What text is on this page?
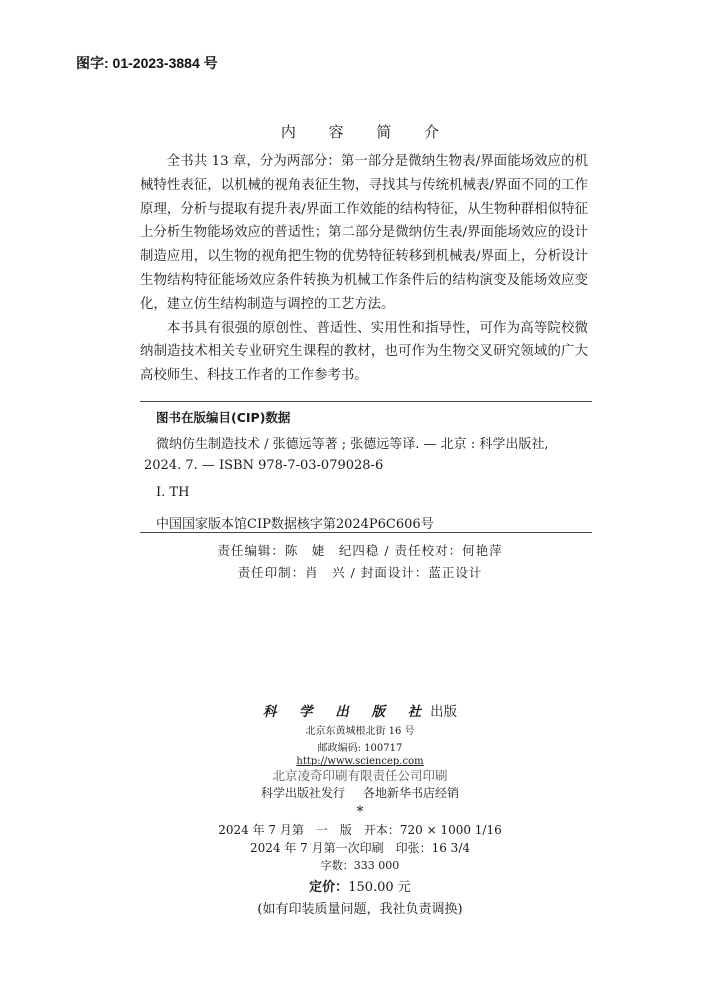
图字: 01-2023-3884 号
内 容 简 介

全书共 13 章，分为两部分：第一部分是微纳生物表/界面能场效应的机械特性表征，以机械的视角表征生物，寻找其与传统机械表/界面不同的工作原理，分析与提取有提升表/界面工作效能的结构特征，从生物种群相似特征上分析生物能场效应的普适性；第二部分是微纳仿生表/界面能场效应的设计制造应用，以生物的视角把生物的优势特征转移到机械表/界面上，分析设计生物结构特征能场效应条件转换为机械工作条件后的结构演变及能场效应变化，建立仿生结构制造与调控的工艺方法。

本书具有很强的原创性、普适性、实用性和指导性，可作为高等院校微纳制造技术相关专业研究生课程的教材，也可作为生物交叉研究领域的广大高校师生、科技工作者的工作参考书。

图书在版编目(CIP)数据
微纳仿生制造技术 / 张德远等著 ; 张德远等译. — 北京 : 科学出版社,
2024. 7. — ISBN 978-7-03-079028-6
Ⅰ. TH
中国国家版本馆CIP数据核字第2024P6C606号
责任编辑：陈　婕　纪四稳 / 责任校对：何艳萍
责任印制：肖　兴 / 封面设计：蓝正设计
科 学 出 版 社出版
北京东黄城根北街 16 号
邮政编码: 100717
http://www.sciencep.com
北京凌奇印刷有限责任公司印刷
科学出版社发行 各地新华书店经销
*
2024 年 7 月第　一　版　开本：720 × 1000 1/16
2024 年 7 月第一次印刷　印张：16 3/4
字数：333 000
定价：150.00 元
(如有印装质量问题，我社负责调换)
